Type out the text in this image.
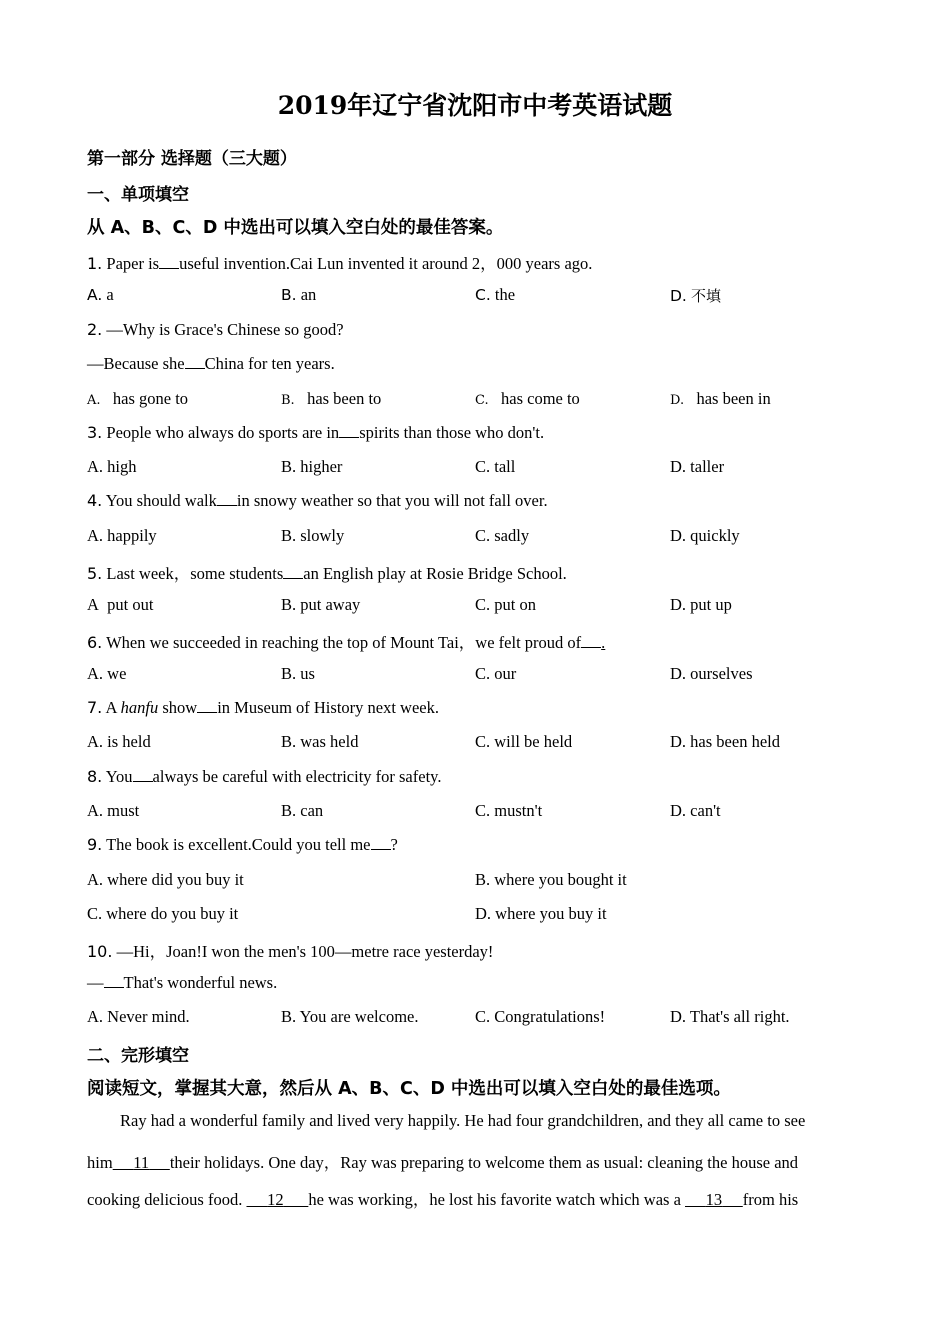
2019年辽宁省沈阳市中考英语试题
第一部分 选择题（三大题）
一、单项填空
从 A、B、C、D 中选出可以填入空白处的最佳答案。
1. Paper is useful invention.Cai Lun invented it around 2，000 years ago.
A. a	B. an	C. the	D. 不填
2. —Why is Grace's Chinese so good?
—Because she China for ten years.
A. has gone to	B. has been to	C. has come to	D. has been in
3. People who always do sports are in spirits than those who don't.
A. high	B. higher	C. tall	D. taller
4. You should walk in snowy weather so that you will not fall over.
A. happily	B. slowly	C. sadly	D. quickly
5. Last week，some students an English play at Rosie Bridge School.
A put out	B. put away	C. put on	D. put up
6. When we succeeded in reaching the top of Mount Tai，we felt proud of .
A. we	B. us	C. our	D. ourselves
7. A hanfu show in Museum of History next week.
A. is held	B. was held	C. will be held	D. has been held
8. You always be careful with electricity for safety.
A. must	B. can	C. mustn't	D. can't
9. The book is excellent.Could you tell me ?
A. where did you buy it	B. where you bought it
C. where do you buy it	D. where you buy it
10. —Hi，Joan!I won the men's 100—metre race yesterday!
— That's wonderful news.
A. Never mind.	B. You are welcome.	C. Congratulations!	D. That's all right.
二、完形填空
阅读短文，掌握其大意，然后从 A、B、C、D 中选出可以填入空白处的最佳选项。
Ray had a wonderful family and lived very happily. He had four grandchildren, and they all came to see
him 11 their holidays. One day，Ray was preparing to welcome them as usual: cleaning the house and
cooking delicious food. 12 he was working，he lost his favorite watch which was a 13 from his
